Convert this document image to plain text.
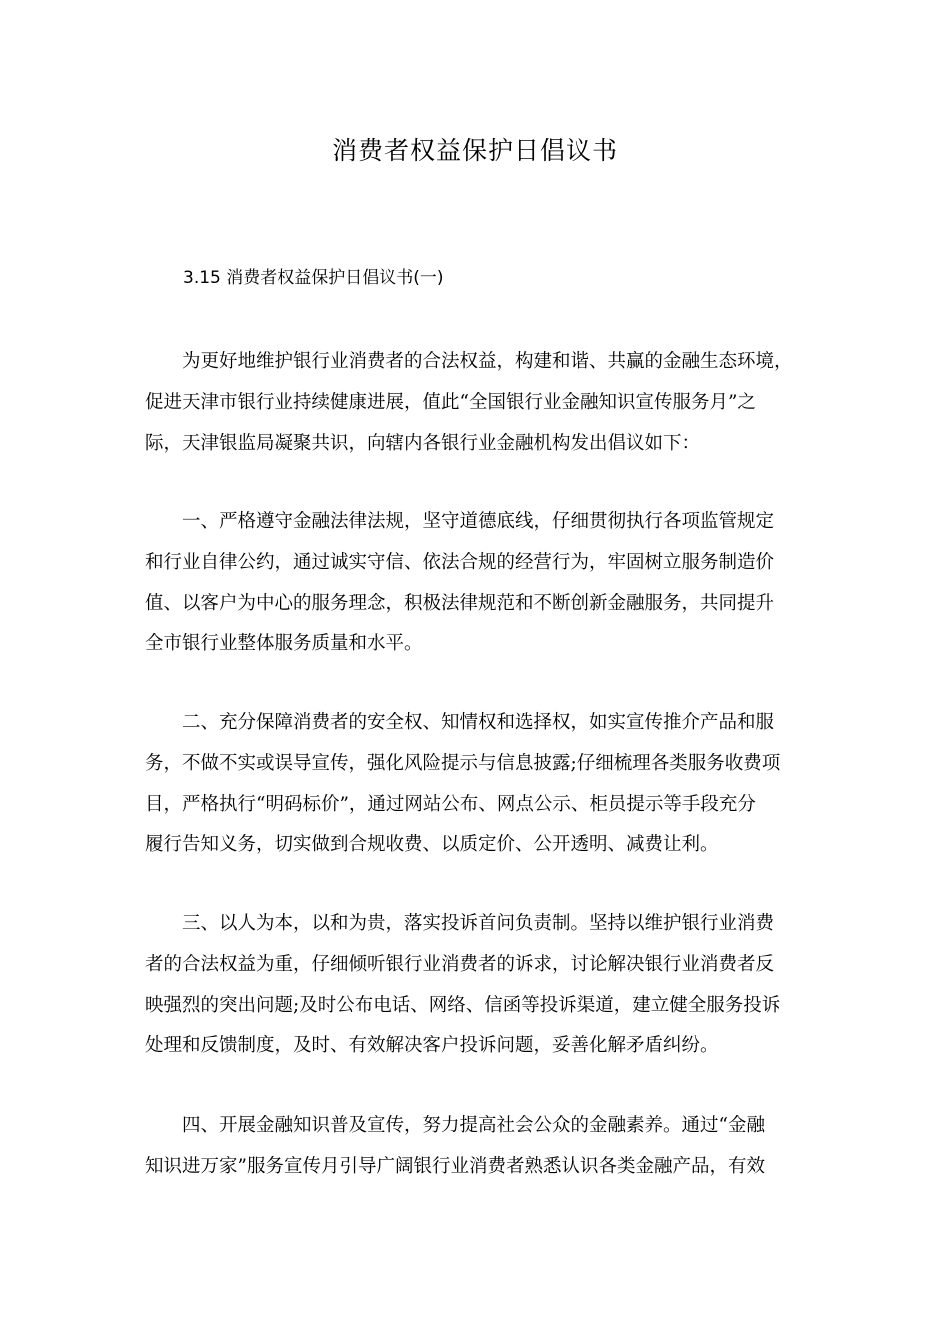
消费者权益保护日倡议书
3.15 消费者权益保护日倡议书(一)
为更好地维护银行业消费者的合法权益，构建和谐、共赢的金融生态环境，
促进天津市银行业持续健康进展，值此“全国银行业金融知识宣传服务月”之
际，天津银监局凝聚共识，向辖内各银行业金融机构发出倡议如下：
一、严格遵守金融法律法规，坚守道德底线，仔细贯彻执行各项监管规定
和行业自律公约，通过诚实守信、依法合规的经营行为，牢固树立服务制造价
值、以客户为中心的服务理念，积极法律规范和不断创新金融服务，共同提升
全市银行业整体服务质量和水平。
二、充分保障消费者的安全权、知情权和选择权，如实宣传推介产品和服
务，不做不实或误导宣传，强化风险提示与信息披露;仔细梳理各类服务收费项
目，严格执行“明码标价”，通过网站公布、网点公示、柜员提示等手段充分
履行告知义务，切实做到合规收费、以质定价、公开透明、减费让利。
三、以人为本，以和为贵，落实投诉首问负责制。坚持以维护银行业消费
者的合法权益为重，仔细倾听银行业消费者的诉求，讨论解决银行业消费者反
映强烈的突出问题;及时公布电话、网络、信函等投诉渠道，建立健全服务投诉
处理和反馈制度，及时、有效解决客户投诉问题，妥善化解矛盾纠纷。
四、开展金融知识普及宣传，努力提高社会公众的金融素养。通过“金融
知识进万家”服务宣传月引导广阔银行业消费者熟悉认识各类金融产品，有效
